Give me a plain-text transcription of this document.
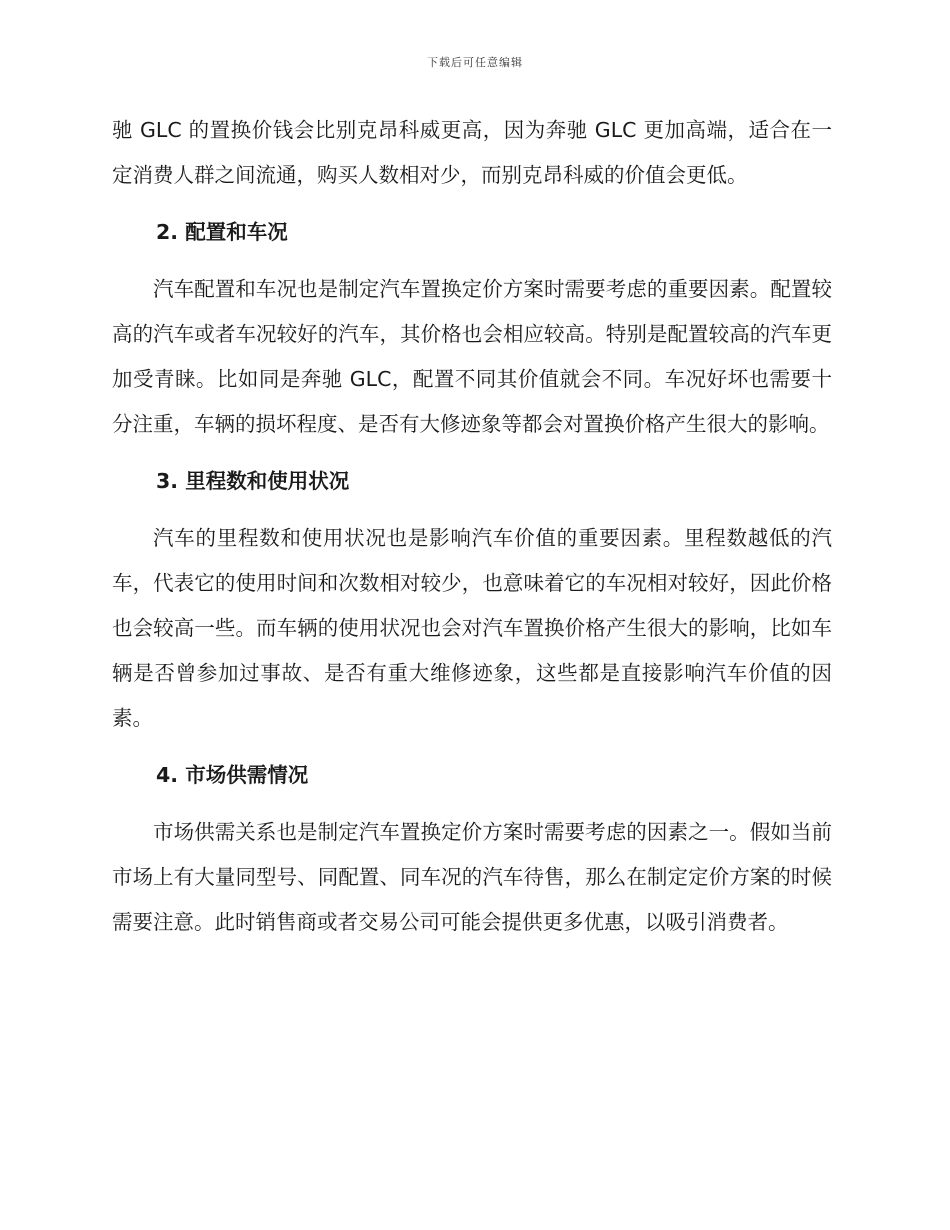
下载后可任意编辑

驰 GLC 的置换价钱会比别克昂科威更高，因为奔驰 GLC 更加高端，适合在一定消费人群之间流通，购买人数相对少，而别克昂科威的价值会更低。

2. 配置和车况

汽车配置和车况也是制定汽车置换定价方案时需要考虑的重要因素。配置较高的汽车或者车况较好的汽车，其价格也会相应较高。特别是配置较高的汽车更加受青睐。比如同是奔驰 GLC，配置不同其价值就会不同。车况好坏也需要十分注重，车辆的损坏程度、是否有大修迹象等都会对置换价格产生很大的影响。

3. 里程数和使用状况

汽车的里程数和使用状况也是影响汽车价值的重要因素。里程数越低的汽车，代表它的使用时间和次数相对较少，也意味着它的车况相对较好，因此价格也会较高一些。而车辆的使用状况也会对汽车置换价格产生很大的影响，比如车辆是否曾参加过事故、是否有重大维修迹象，这些都是直接影响汽车价值的因素。

4. 市场供需情况

市场供需关系也是制定汽车置换定价方案时需要考虑的因素之一。假如当前市场上有大量同型号、同配置、同车况的汽车待售，那么在制定定价方案的时候需要注意。此时销售商或者交易公司可能会提供更多优惠，以吸引消费者。
